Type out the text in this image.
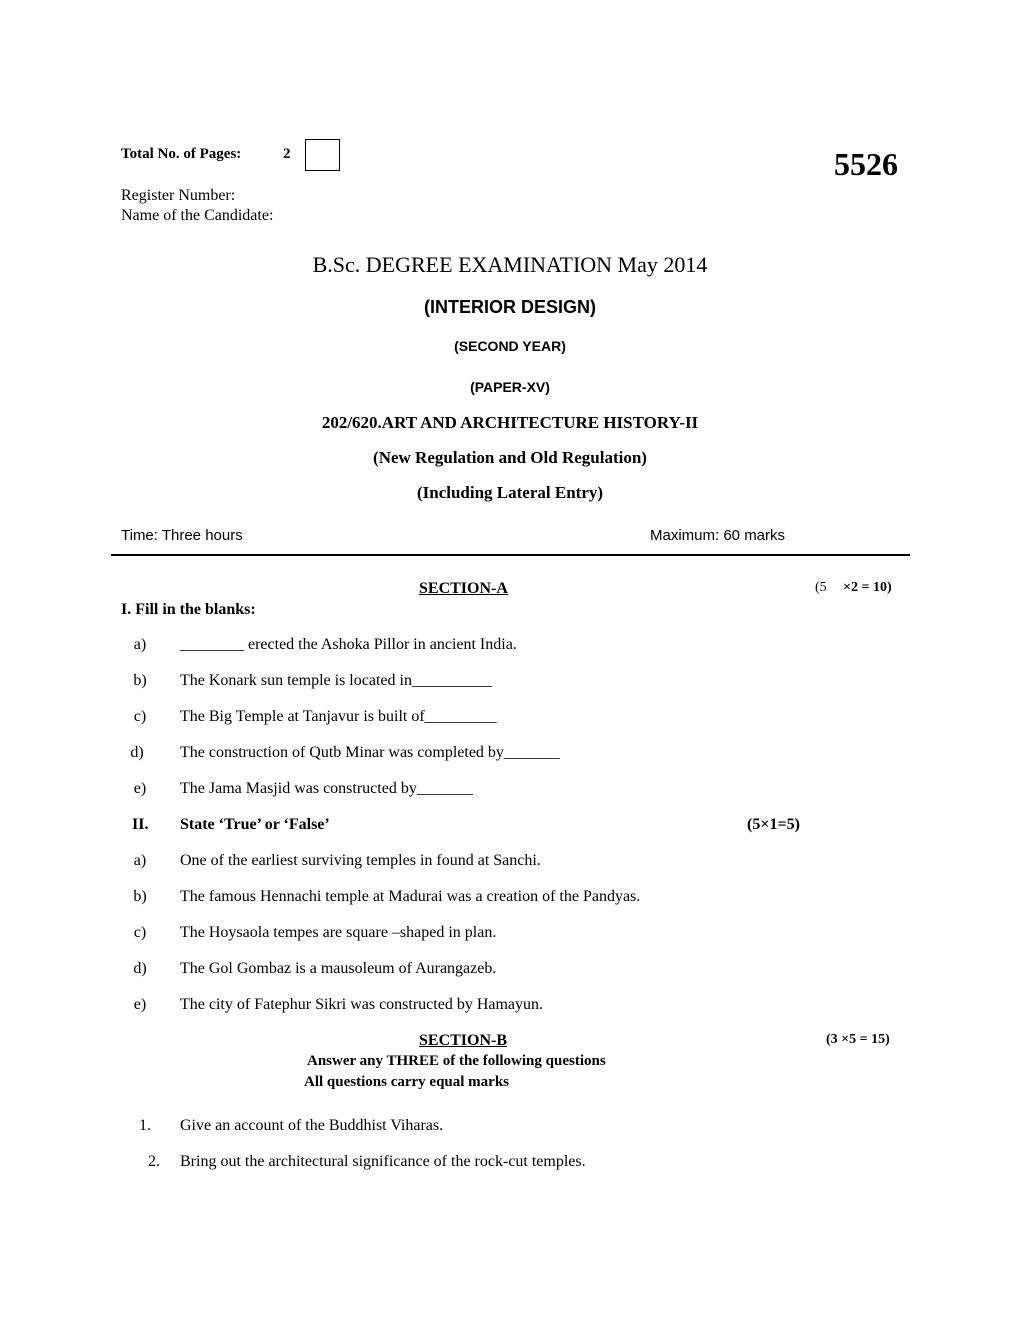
Total No. of Pages:	2	5526
Register Number:
Name of the Candidate:
B.Sc. DEGREE EXAMINATION May 2014
(INTERIOR DESIGN)
(SECOND YEAR)
(PAPER-XV)
202/620.ART AND ARCHITECTURE HISTORY-II
(New Regulation and Old Regulation)
(Including Lateral Entry)
Time: Three hours	Maximum: 60 marks
SECTION-A	(5 ×2 = 10)
I. Fill in the blanks:
a)	________ erected the Ashoka Pillor in ancient India.
b)	The Konark sun temple is located in__________
c)	The Big Temple at Tanjavur is built of_________
d)	The construction of Qutb Minar was completed by_______
e)	The Jama Masjid was constructed by_______
II. State ‘True’ or ‘False’	(5×1=5)
a)	One of the earliest surviving temples in found at Sanchi.
b)	The famous Hennachi temple at Madurai was a creation of the Pandyas.
c)	The Hoysaola tempes are square –shaped in plan.
d)	The Gol Gombaz is a mausoleum of Aurangazeb.
e)	The city of Fatephur Sikri was constructed by Hamayun.
SECTION-B	(3 ×5 = 15)
Answer any THREE of the following questions
All questions carry equal marks
1.	Give an account of the Buddhist Viharas.
2.	Bring out the architectural significance of the rock-cut temples.
